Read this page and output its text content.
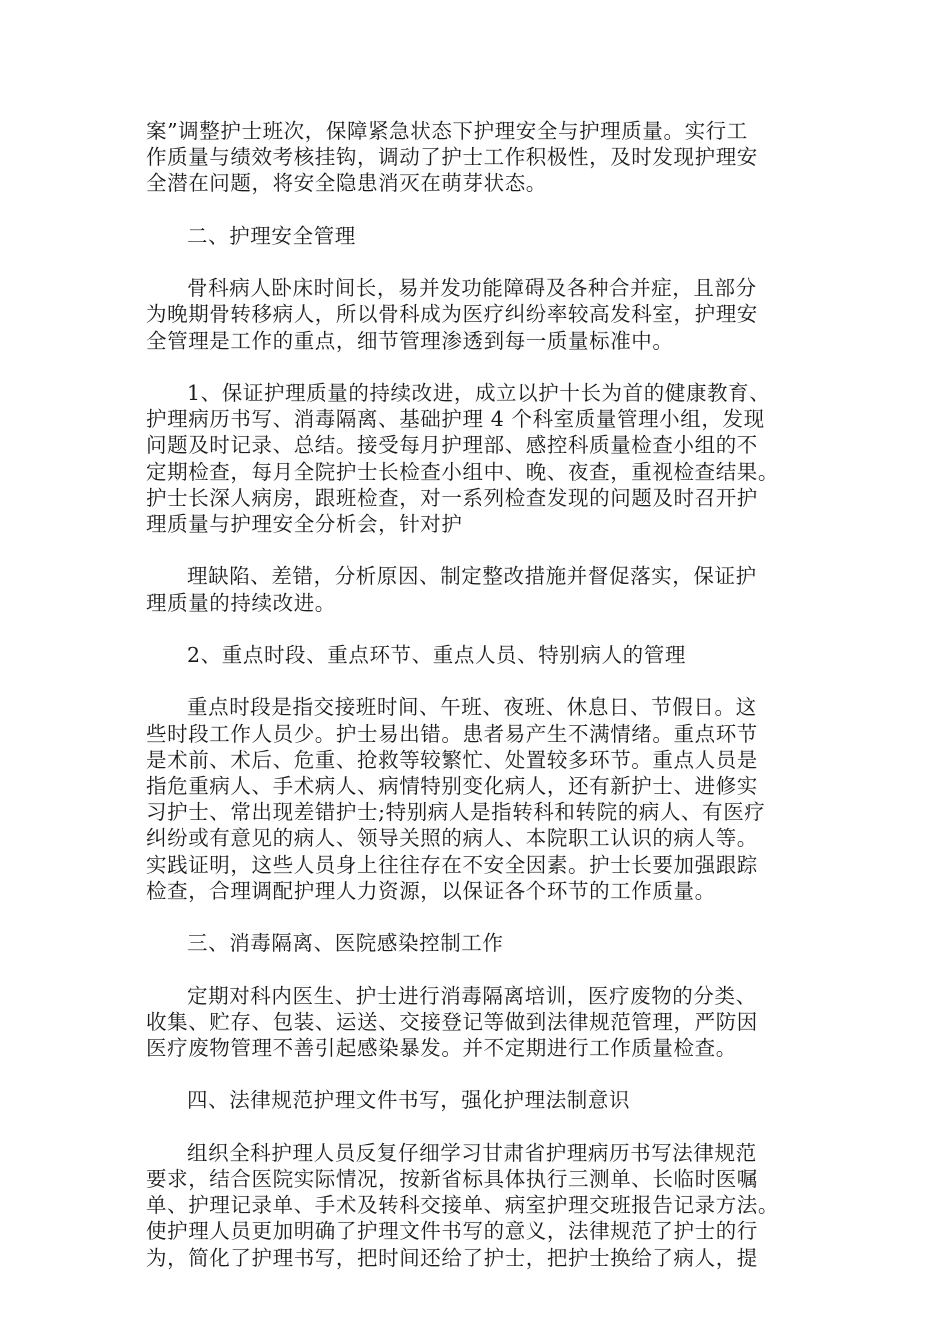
案”调整护士班次，保障紧急状态下护理安全与护理质量。实行工
作质量与绩效考核挂钩，调动了护士工作积极性，及时发现护理安
全潜在问题，将安全隐患消灭在萌芽状态。

二、护理安全管理

骨科病人卧床时间长，易并发功能障碍及各种合并症，且部分
为晚期骨转移病人，所以骨科成为医疗纠纷率较高发科室，护理安
全管理是工作的重点，细节管理渗透到每一质量标准中。

1、保证护理质量的持续改进，成立以护十长为首的健康教育、
护理病历书写、消毒隔离、基础护理 4 个科室质量管理小组，发现
问题及时记录、总结。接受每月护理部、感控科质量检查小组的不
定期检查，每月全院护士长检查小组中、晚、夜查，重视检查结果。
护士长深人病房，跟班检查，对一系列检查发现的问题及时召开护
理质量与护理安全分析会，针对护

理缺陷、差错，分析原因、制定整改措施并督促落实，保证护
理质量的持续改进。

2、重点时段、重点环节、重点人员、特别病人的管理

重点时段是指交接班时间、午班、夜班、休息日、节假日。这
些时段工作人员少。护士易出错。患者易产生不满情绪。重点环节
是术前、术后、危重、抢救等较繁忙、处置较多环节。重点人员是
指危重病人、手术病人、病情特别变化病人，还有新护士、进修实
习护士、常出现差错护士;特别病人是指转科和转院的病人、有医疗
纠纷或有意见的病人、领导关照的病人、本院职工认识的病人等。
实践证明，这些人员身上往往存在不安全因素。护士长要加强跟踪
检查，合理调配护理人力资源，以保证各个环节的工作质量。

三、消毒隔离、医院感染控制工作

定期对科内医生、护士进行消毒隔离培训，医疗废物的分类、
收集、贮存、包装、运送、交接登记等做到法律规范管理，严防因
医疗废物管理不善引起感染暴发。并不定期进行工作质量检查。

四、法律规范护理文件书写，强化护理法制意识

组织全科护理人员反复仔细学习甘肃省护理病历书写法律规范
要求，结合医院实际情况，按新省标具体执行三测单、长临时医嘱
单、护理记录单、手术及转科交接单、病室护理交班报告记录方法。
使护理人员更加明确了护理文件书写的意义，法律规范了护士的行
为，简化了护理书写，把时间还给了护士，把护士换给了病人，提
